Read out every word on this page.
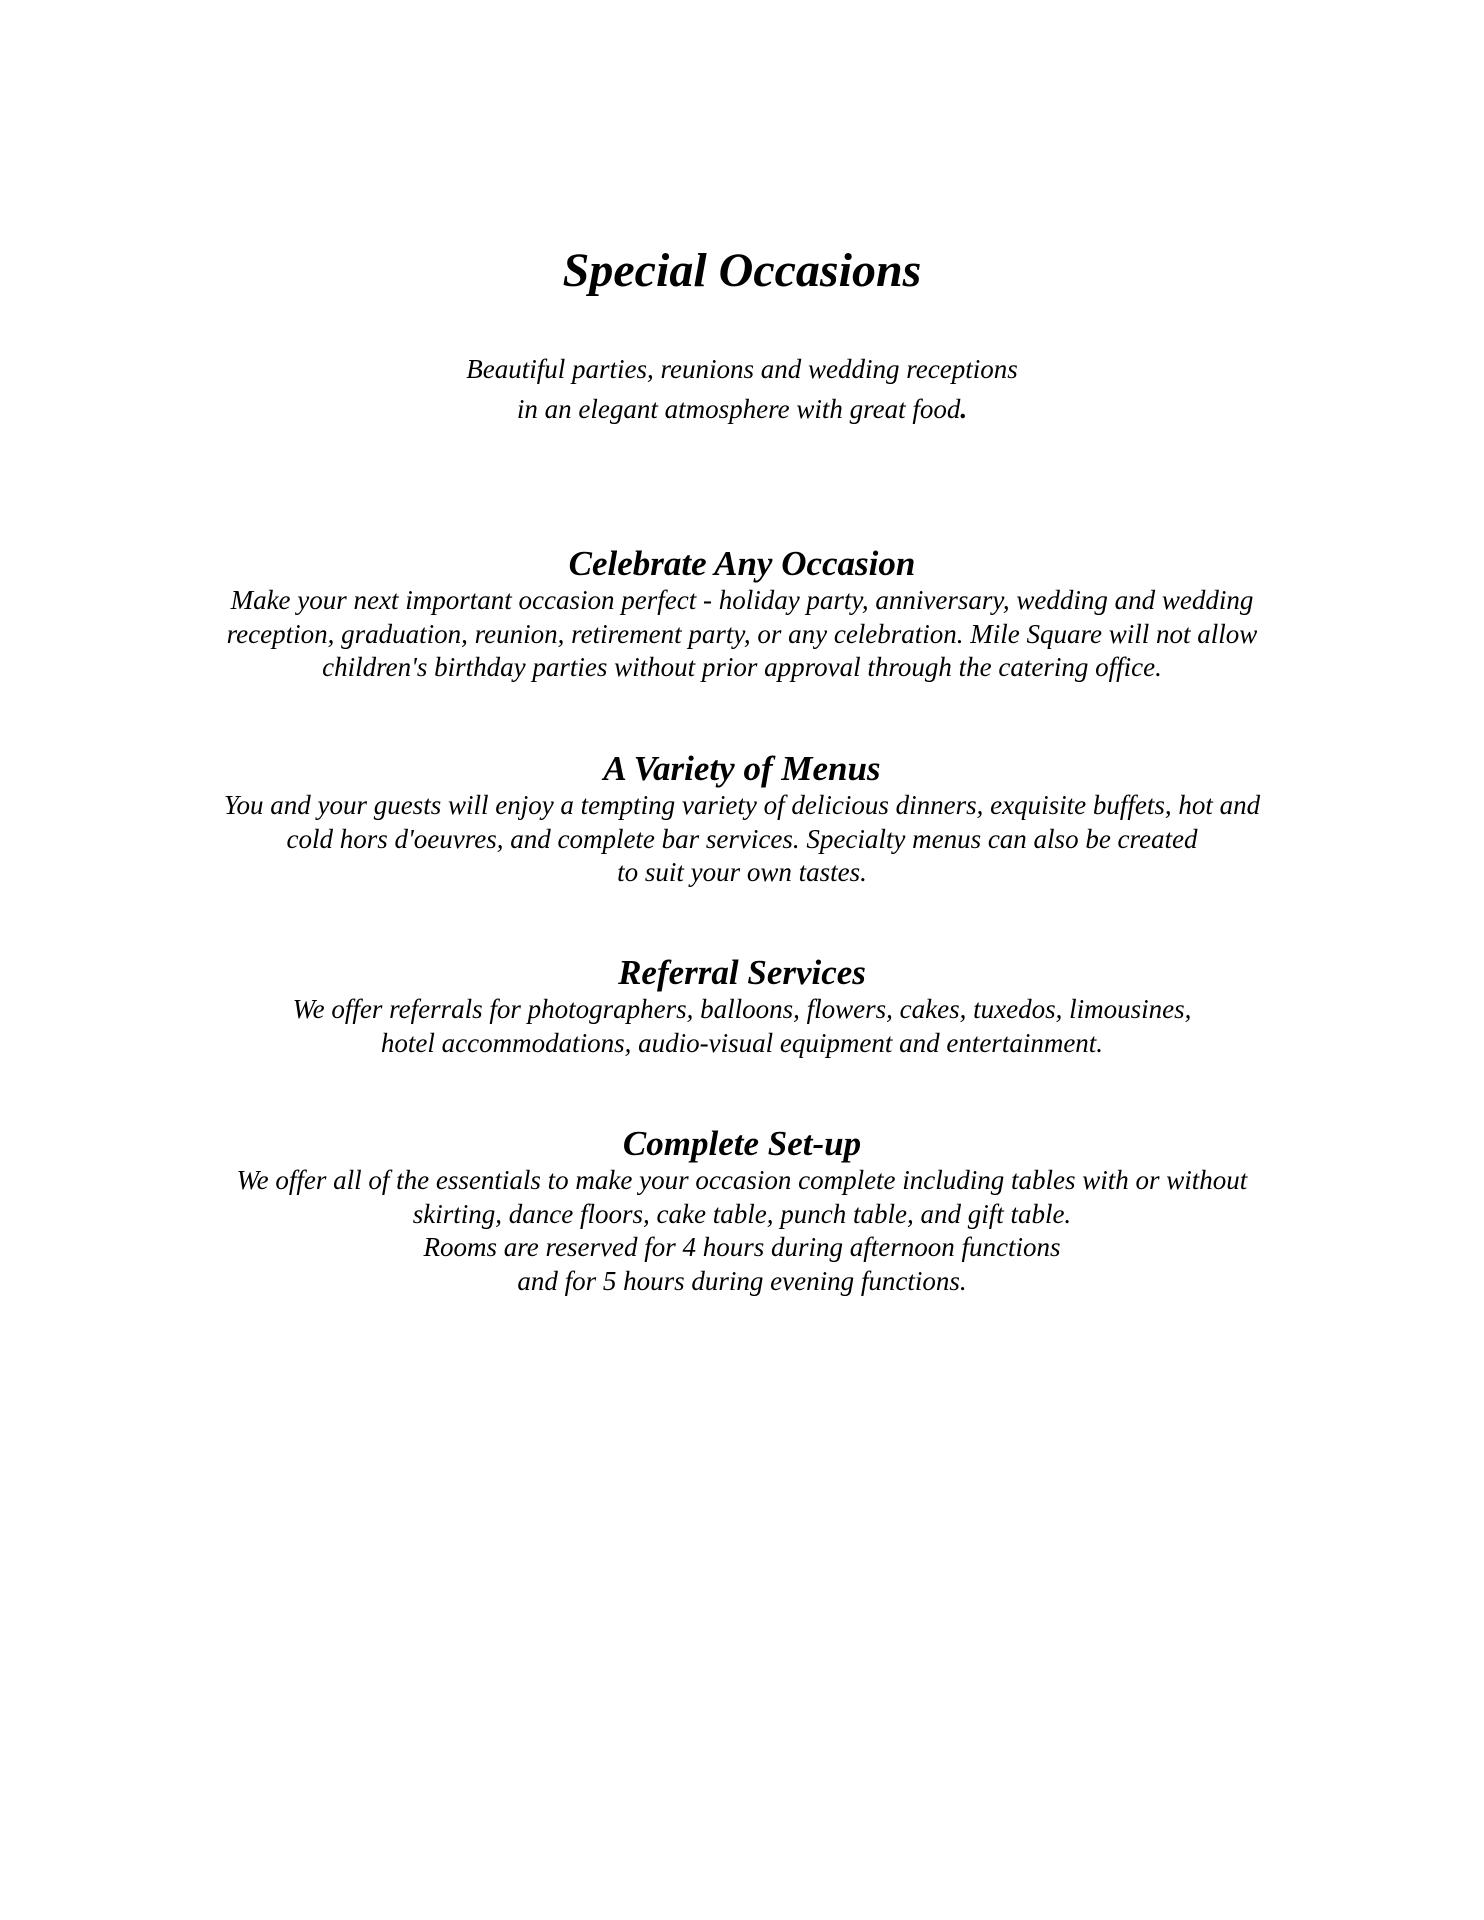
Special Occasions
Beautiful parties, reunions and wedding receptions
in an elegant atmosphere with great food.
Celebrate Any Occasion
Make your next important occasion perfect - holiday party, anniversary, wedding and wedding
reception, graduation, reunion, retirement party, or any celebration. Mile Square will not allow
children's birthday parties without prior approval through the catering office.
A Variety of Menus
You and your guests will enjoy a tempting variety of delicious dinners, exquisite buffets, hot and
cold hors d'oeuvres, and complete bar services. Specialty menus can also be created
to suit your own tastes.
Referral Services
We offer referrals for photographers, balloons, flowers, cakes, tuxedos, limousines,
hotel accommodations, audio-visual equipment and entertainment.
Complete Set-up
We offer all of the essentials to make your occasion complete including tables with or without
skirting, dance floors, cake table, punch table, and gift table.
Rooms are reserved for 4 hours during afternoon functions
and for 5 hours during evening functions.
